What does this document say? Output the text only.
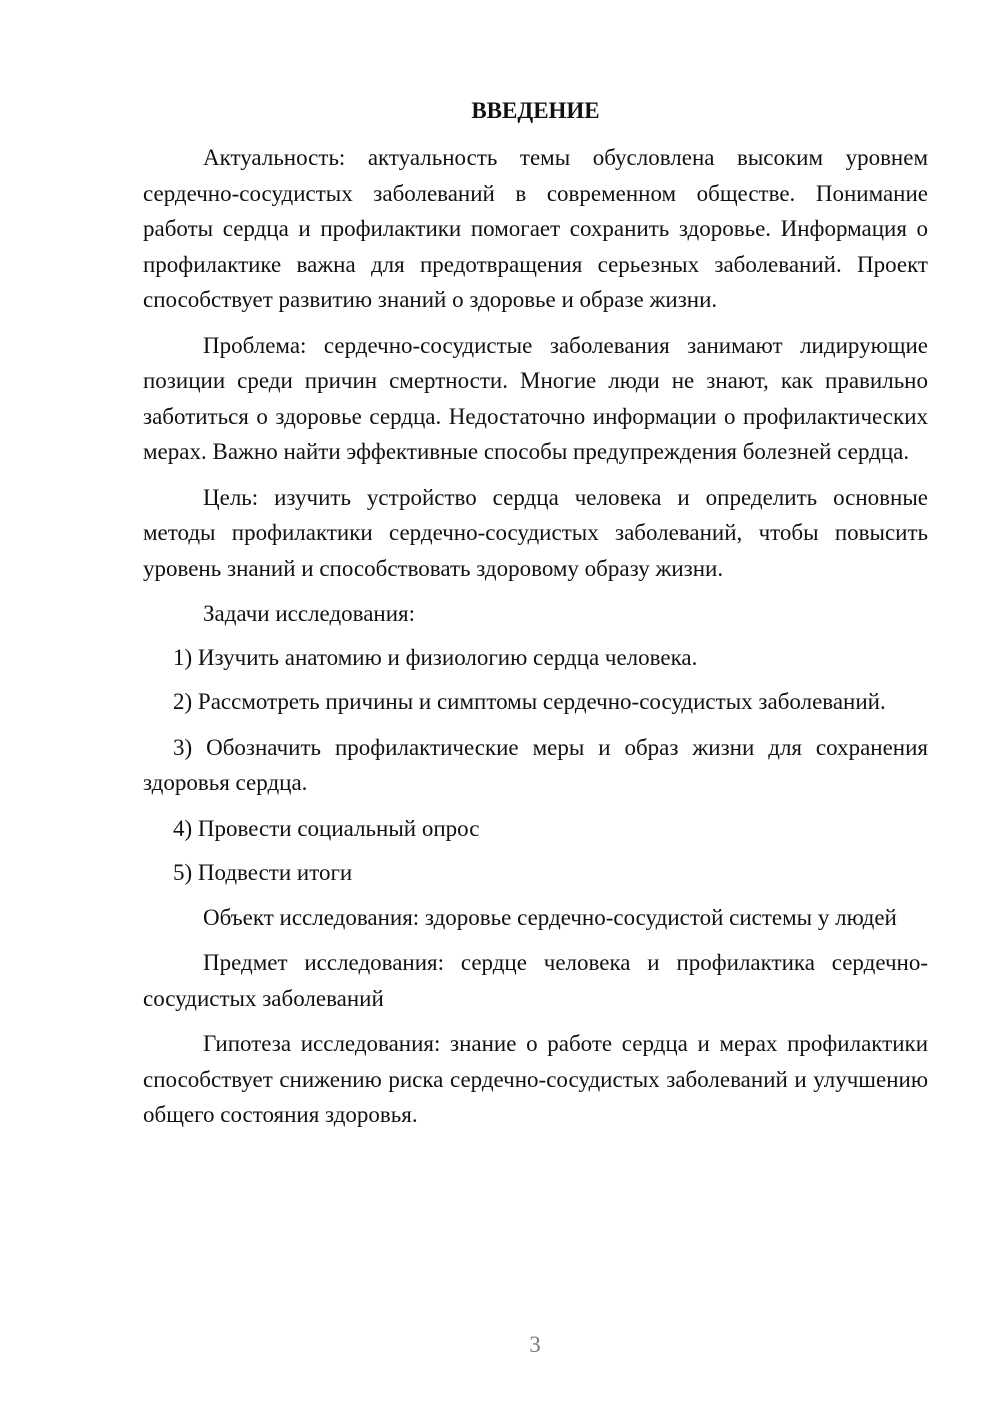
ВВЕДЕНИЕ

Актуальность: актуальность темы обусловлена высоким уровнем сердечно-сосудистых заболеваний в современном обществе. Понимание работы сердца и профилактики помогает сохранить здоровье. Информация о профилактике важна для предотвращения серьезных заболеваний. Проект способствует развитию знаний о здоровье и образе жизни.

Проблема: сердечно-сосудистые заболевания занимают лидирующие позиции среди причин смертности. Многие люди не знают, как правильно заботиться о здоровье сердца. Недостаточно информации о профилактических мерах. Важно найти эффективные способы предупреждения болезней сердца.

Цель: изучить устройство сердца человека и определить основные методы профилактики сердечно-сосудистых заболеваний, чтобы повысить уровень знаний и способствовать здоровому образу жизни.

Задачи исследования:

1) Изучить анатомию и физиологию сердца человека.

2) Рассмотреть причины и симптомы сердечно-сосудистых заболеваний.

3) Обозначить профилактические меры и образ жизни для сохранения здоровья сердца.

4) Провести социальный опрос

5) Подвести итоги

Объект исследования: здоровье сердечно-сосудистой системы у людей

Предмет исследования: сердце человека и профилактика сердечно-сосудистых заболеваний

Гипотеза исследования: знание о работе сердца и мерах профилактики способствует снижению риска сердечно-сосудистых заболеваний и улучшению общего состояния здоровья.

3
